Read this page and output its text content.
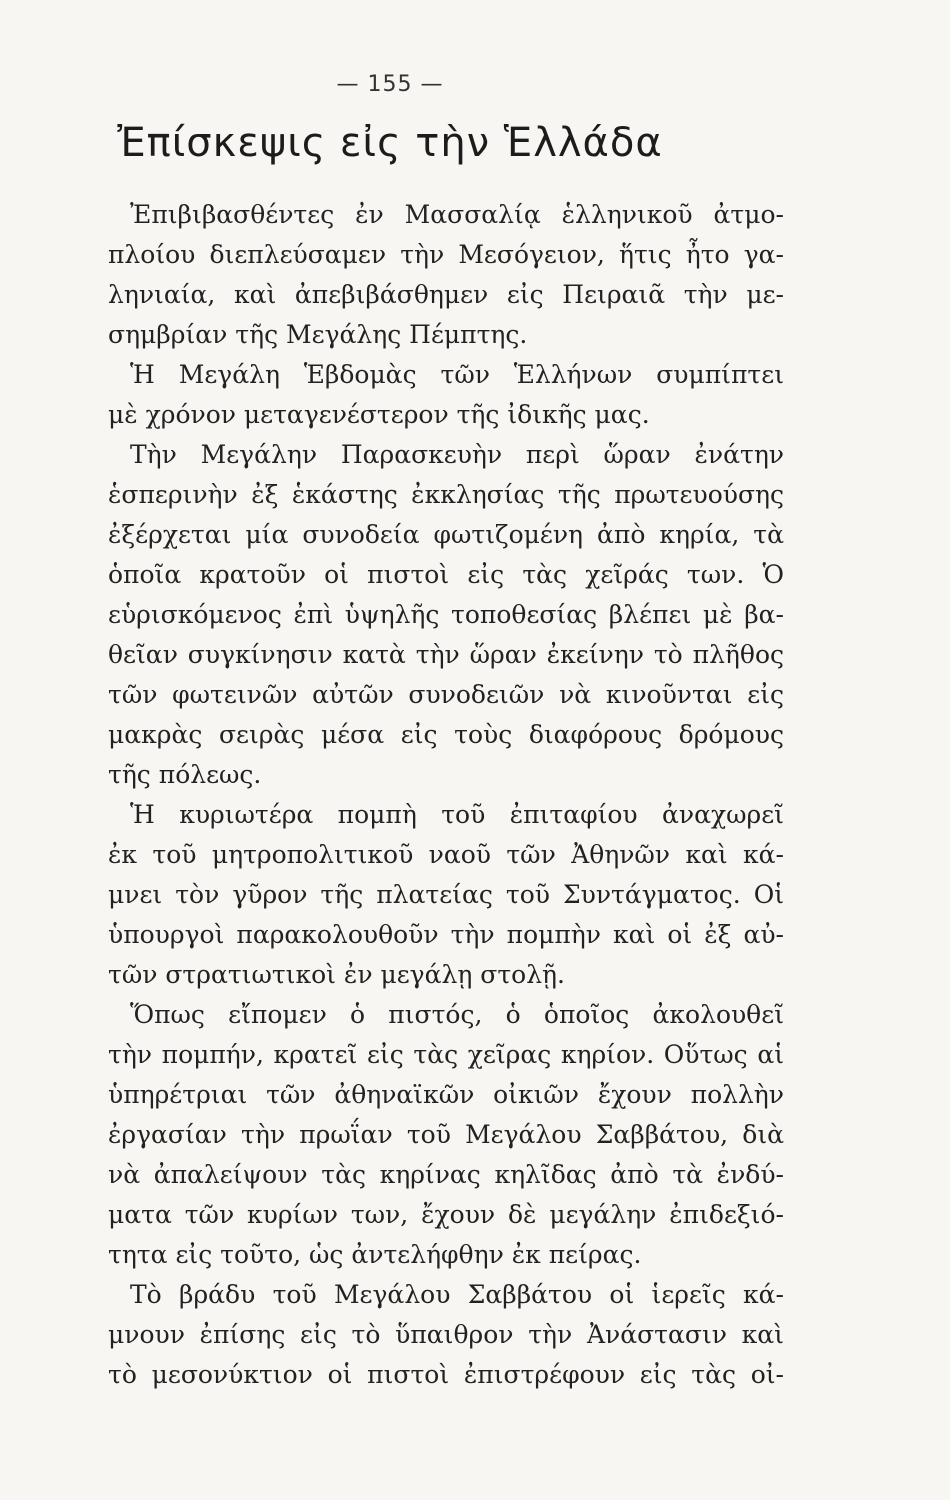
— 155 —
Ἐπίσκεψις εἰς τὴν Ἑλλάδα
Ἐπιβιβασθέντες ἐν Μασσαλίᾳ ἑλληνικοῦ ἀτμο-
πλοίου διεπλεύσαμεν τὴν Μεσόγειον, ἥτις ἦτο γα-
ληνιαία, καὶ ἀπεβιβάσθημεν εἰς Πειραιᾶ τὴν με-
σημβρίαν τῆς Μεγάλης Πέμπτης.
Ἡ Μεγάλη Ἑβδομὰς τῶν Ἑλλήνων συμπίπτει
μὲ χρόνον μεταγενέστερον τῆς ἰδικῆς μας.
Τὴν Μεγάλην Παρασκευὴν περὶ ὥραν ἐνάτην
ἑσπερινὴν ἐξ ἑκάστης ἐκκλησίας τῆς πρωτευούσης
ἐξέρχεται μία συνοδεία φωτιζομένη ἀπὸ κηρία, τὰ
ὁποῖα κρατοῦν οἱ πιστοὶ εἰς τὰς χεῖράς των. Ὁ
εὑρισκόμενος ἐπὶ ὑψηλῆς τοποθεσίας βλέπει μὲ βα-
θεῖαν συγκίνησιν κατὰ τὴν ὥραν ἐκείνην τὸ πλῆθος
τῶν φωτεινῶν αὐτῶν συνοδειῶν νὰ κινοῦνται εἰς
μακρὰς σειρὰς μέσα εἰς τοὺς διαφόρους δρόμους
τῆς πόλεως.
Ἡ κυριωτέρα πομπὴ τοῦ ἐπιταφίου ἀναχωρεῖ
ἐκ τοῦ μητροπολιτικοῦ ναοῦ τῶν Ἀθηνῶν καὶ κά-
μνει τὸν γῦρον τῆς πλατείας τοῦ Συντάγματος. Οἱ
ὑπουργοὶ παρακολουθοῦν τὴν πομπὴν καὶ οἱ ἐξ αὐ-
τῶν στρατιωτικοὶ ἐν μεγάλῃ στολῇ.
Ὅπως εἴπομεν ὁ πιστός, ὁ ὁποῖος ἀκολουθεῖ
τὴν πομπήν, κρατεῖ εἰς τὰς χεῖρας κηρίον. Οὕτως αἱ
ὑπηρέτριαι τῶν ἀθηναϊκῶν οἰκιῶν ἔχουν πολλὴν
ἐργασίαν τὴν πρωΐαν τοῦ Μεγάλου Σαββάτου, διὰ
νὰ ἀπαλείψουν τὰς κηρίνας κηλῖδας ἀπὸ τὰ ἐνδύ-
ματα τῶν κυρίων των, ἔχουν δὲ μεγάλην ἐπιδεξιό-
τητα εἰς τοῦτο, ὡς ἀντελήφθην ἐκ πείρας.
Τὸ βράδυ τοῦ Μεγάλου Σαββάτου οἱ ἱερεῖς κά-
μνουν ἐπίσης εἰς τὸ ὕπαιθρον τὴν Ἀνάστασιν καὶ
τὸ μεσονύκτιον οἱ πιστοὶ ἐπιστρέφουν εἰς τὰς οἰ-
